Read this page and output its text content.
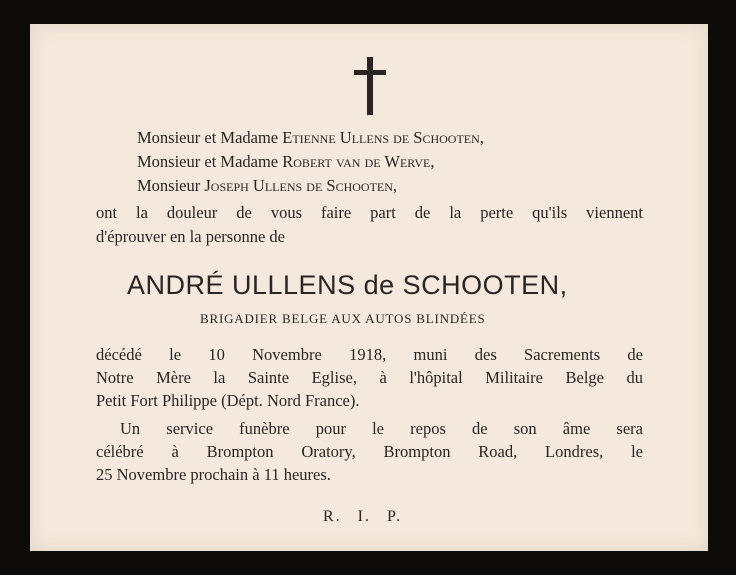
Monsieur et Madame Etienne Ullens de Schooten,
Monsieur et Madame Robert van de Werve,
Monsieur Joseph Ullens de Schooten,
ont la douleur de vous faire part de la perte qu'ils viennent
d'éprouver en la personne de
ANDRÉ ULLLENS de SCHOOTEN,
BRIGADIER BELGE AUX AUTOS BLINDÉES
décédé le 10 Novembre 1918, muni des Sacrements de
Notre Mère la Sainte Eglise, à l'hôpital Militaire Belge du
Petit Fort Philippe (Dépt. Nord France).
Un service funèbre pour le repos de son âme sera
célébré à Brompton Oratory, Brompton Road, Londres, le
25 Novembre prochain à 11 heures.
R. I. P.
